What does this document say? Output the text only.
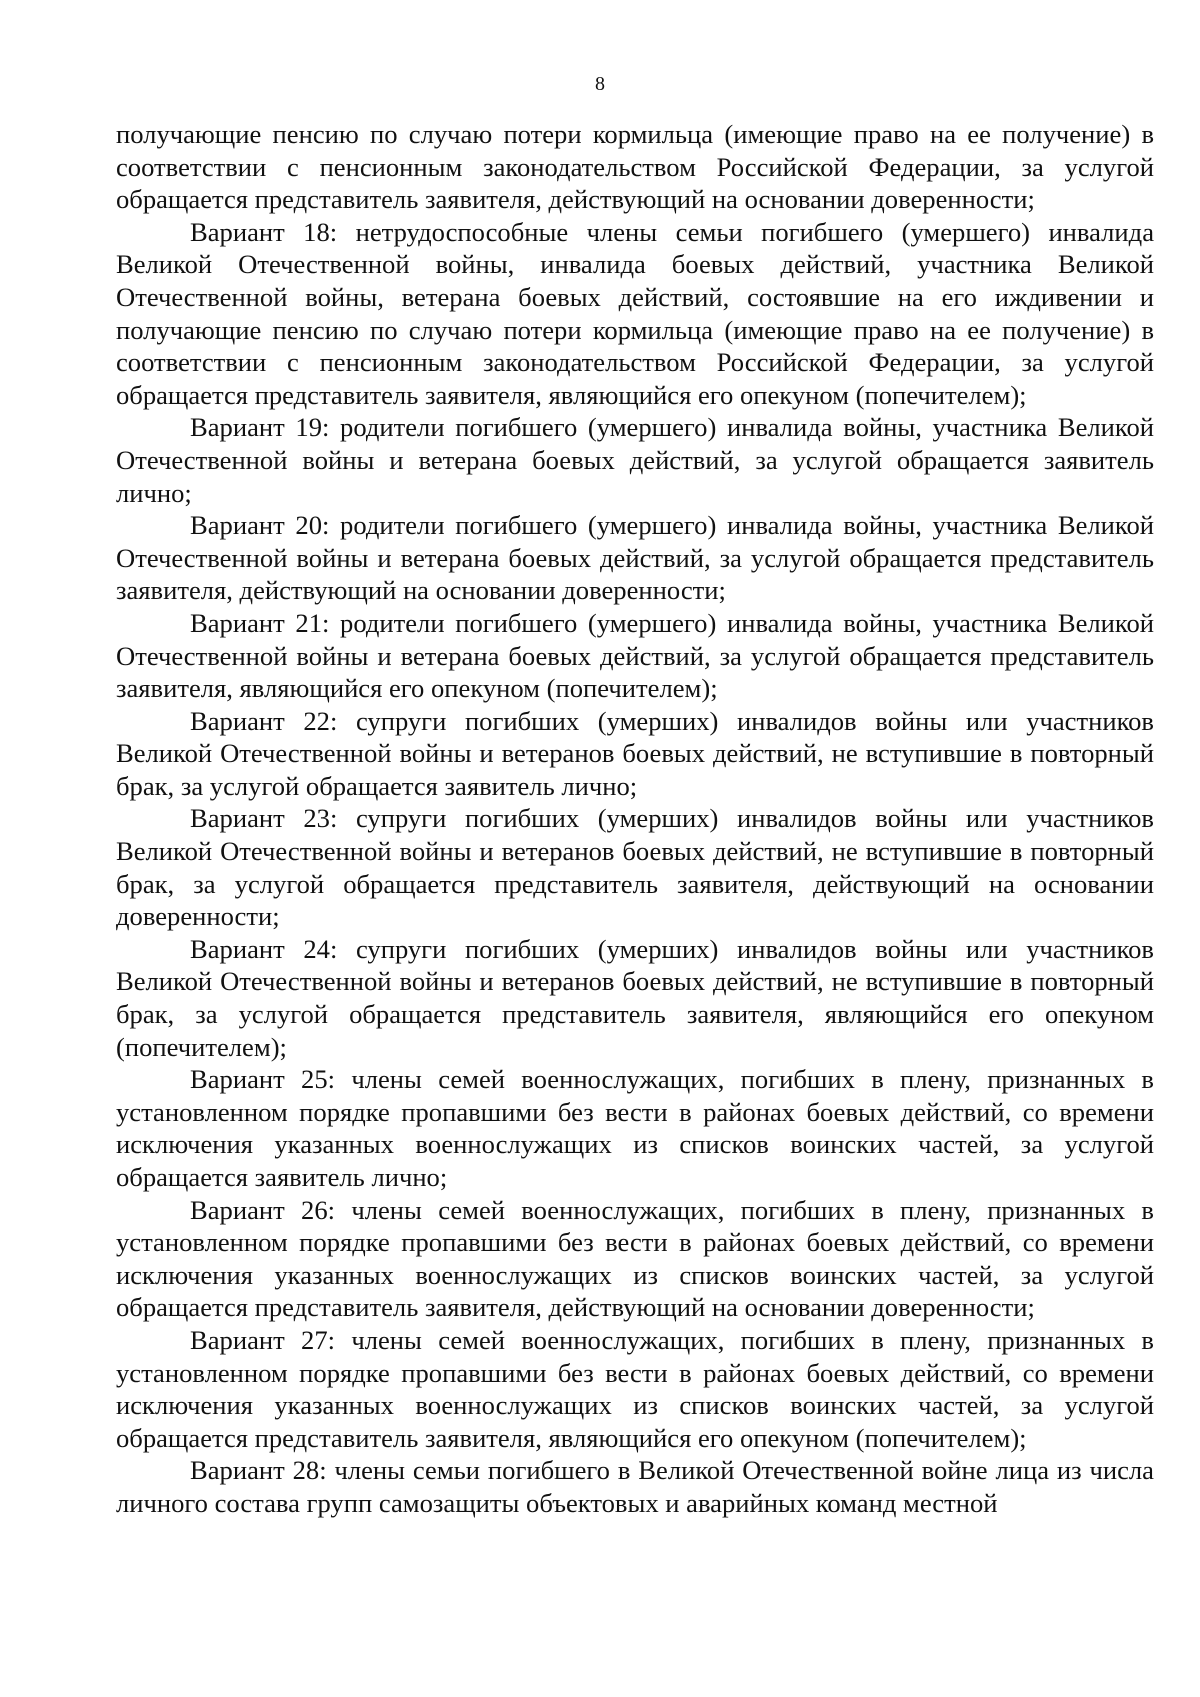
8

получающие пенсию по случаю потери кормильца (имеющие право на ее получение) в соответствии с пенсионным законодательством Российской Федерации, за услугой обращается представитель заявителя, действующий на основании доверенности;

Вариант 18: нетрудоспособные члены семьи погибшего (умершего) инвалида Великой Отечественной войны, инвалида боевых действий, участника Великой Отечественной войны, ветерана боевых действий, состоявшие на его иждивении и получающие пенсию по случаю потери кормильца (имеющие право на ее получение) в соответствии с пенсионным законодательством Российской Федерации, за услугой обращается представитель заявителя, являющийся его опекуном (попечителем);

Вариант 19: родители погибшего (умершего) инвалида войны, участника Великой Отечественной войны и ветерана боевых действий, за услугой обращается заявитель лично;

Вариант 20: родители погибшего (умершего) инвалида войны, участника Великой Отечественной войны и ветерана боевых действий, за услугой обращается представитель заявителя, действующий на основании доверенности;

Вариант 21: родители погибшего (умершего) инвалида войны, участника Великой Отечественной войны и ветерана боевых действий, за услугой обращается представитель заявителя, являющийся его опекуном (попечителем);

Вариант 22: супруги погибших (умерших) инвалидов войны или участников Великой Отечественной войны и ветеранов боевых действий, не вступившие в повторный брак, за услугой обращается заявитель лично;

Вариант 23: супруги погибших (умерших) инвалидов войны или участников Великой Отечественной войны и ветеранов боевых действий, не вступившие в повторный брак, за услугой обращается представитель заявителя, действующий на основании доверенности;

Вариант 24: супруги погибших (умерших) инвалидов войны или участников Великой Отечественной войны и ветеранов боевых действий, не вступившие в повторный брак, за услугой обращается представитель заявителя, являющийся его опекуном (попечителем);

Вариант 25: члены семей военнослужащих, погибших в плену, признанных в установленном порядке пропавшими без вести в районах боевых действий, со времени исключения указанных военнослужащих из списков воинских частей, за услугой обращается заявитель лично;

Вариант 26: члены семей военнослужащих, погибших в плену, признанных в установленном порядке пропавшими без вести в районах боевых действий, со времени исключения указанных военнослужащих из списков воинских частей, за услугой обращается представитель заявителя, действующий на основании доверенности;

Вариант 27: члены семей военнослужащих, погибших в плену, признанных в установленном порядке пропавшими без вести в районах боевых действий, со времени исключения указанных военнослужащих из списков воинских частей, за услугой обращается представитель заявителя, являющийся его опекуном (попечителем);

Вариант 28: члены семьи погибшего в Великой Отечественной войне лица из числа личного состава групп самозащиты объектовых и аварийных команд местной
